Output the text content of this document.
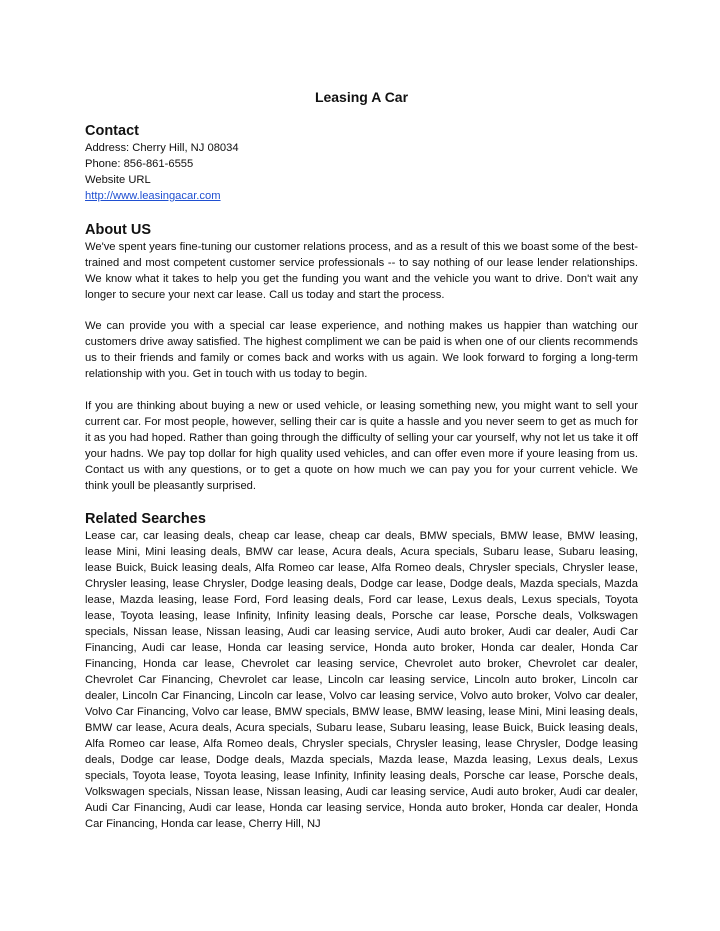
Leasing A Car
Contact
Address: Cherry Hill, NJ 08034
Phone: 856-861-6555
Website URL
http://www.leasingacar.com
About US

We've spent years fine-tuning our customer relations process, and as a result of this we boast some of the best-trained and most competent customer service professionals -- to say nothing of our lease lender relationships. We know what it takes to help you get the funding you want and the vehicle you want to drive. Don't wait any longer to secure your next car lease. Call us today and start the process.

We can provide you with a special car lease experience, and nothing makes us happier than watching our customers drive away satisfied. The highest compliment we can be paid is when one of our clients recommends us to their friends and family or comes back and works with us again. We look forward to forging a long-term relationship with you. Get in touch with us today to begin.

If you are thinking about buying a new or used vehicle, or leasing something new, you might want to sell your current car. For most people, however, selling their car is quite a hassle and you never seem to get as much for it as you had hoped. Rather than going through the difficulty of selling your car yourself, why not let us take it off your hadns. We pay top dollar for high quality used vehicles, and can offer even more if youre leasing from us. Contact us with any questions, or to get a quote on how much we can pay you for your current vehicle. We think youll be pleasantly surprised.

Related Searches

Lease car, car leasing deals, cheap car lease, cheap car deals, BMW specials, BMW lease, BMW leasing, lease Mini, Mini leasing deals, BMW car lease, Acura deals, Acura specials, Subaru lease, Subaru leasing, lease Buick, Buick leasing deals, Alfa Romeo car lease, Alfa Romeo deals, Chrysler specials, Chrysler lease, Chrysler leasing, lease Chrysler, Dodge leasing deals, Dodge car lease, Dodge deals, Mazda specials, Mazda lease, Mazda leasing, lease Ford, Ford leasing deals, Ford car lease, Lexus deals, Lexus specials, Toyota lease, Toyota leasing, lease Infinity, Infinity leasing deals, Porsche car lease, Porsche deals, Volkswagen specials, Nissan lease, Nissan leasing, Audi car leasing service, Audi auto broker, Audi car dealer, Audi Car Financing, Audi car lease, Honda car leasing service, Honda auto broker, Honda car dealer, Honda Car Financing, Honda car lease, Chevrolet car leasing service, Chevrolet auto broker, Chevrolet car dealer, Chevrolet Car Financing, Chevrolet car lease, Lincoln car leasing service, Lincoln auto broker, Lincoln car dealer, Lincoln Car Financing, Lincoln car lease, Volvo car leasing service, Volvo auto broker, Volvo car dealer, Volvo Car Financing, Volvo car lease, BMW specials, BMW lease, BMW leasing, lease Mini, Mini leasing deals, BMW car lease, Acura deals, Acura specials, Subaru lease, Subaru leasing, lease Buick, Buick leasing deals, Alfa Romeo car lease, Alfa Romeo deals, Chrysler specials, Chrysler leasing, lease Chrysler, Dodge leasing deals, Dodge car lease, Dodge deals, Mazda specials, Mazda lease, Mazda leasing, Lexus deals, Lexus specials, Toyota lease, Toyota leasing, lease Infinity, Infinity leasing deals, Porsche car lease, Porsche deals, Volkswagen specials, Nissan lease, Nissan leasing, Audi car leasing service, Audi auto broker, Audi car dealer, Audi Car Financing, Audi car lease, Honda car leasing service, Honda auto broker, Honda car dealer, Honda Car Financing, Honda car lease, Cherry Hill, NJ
